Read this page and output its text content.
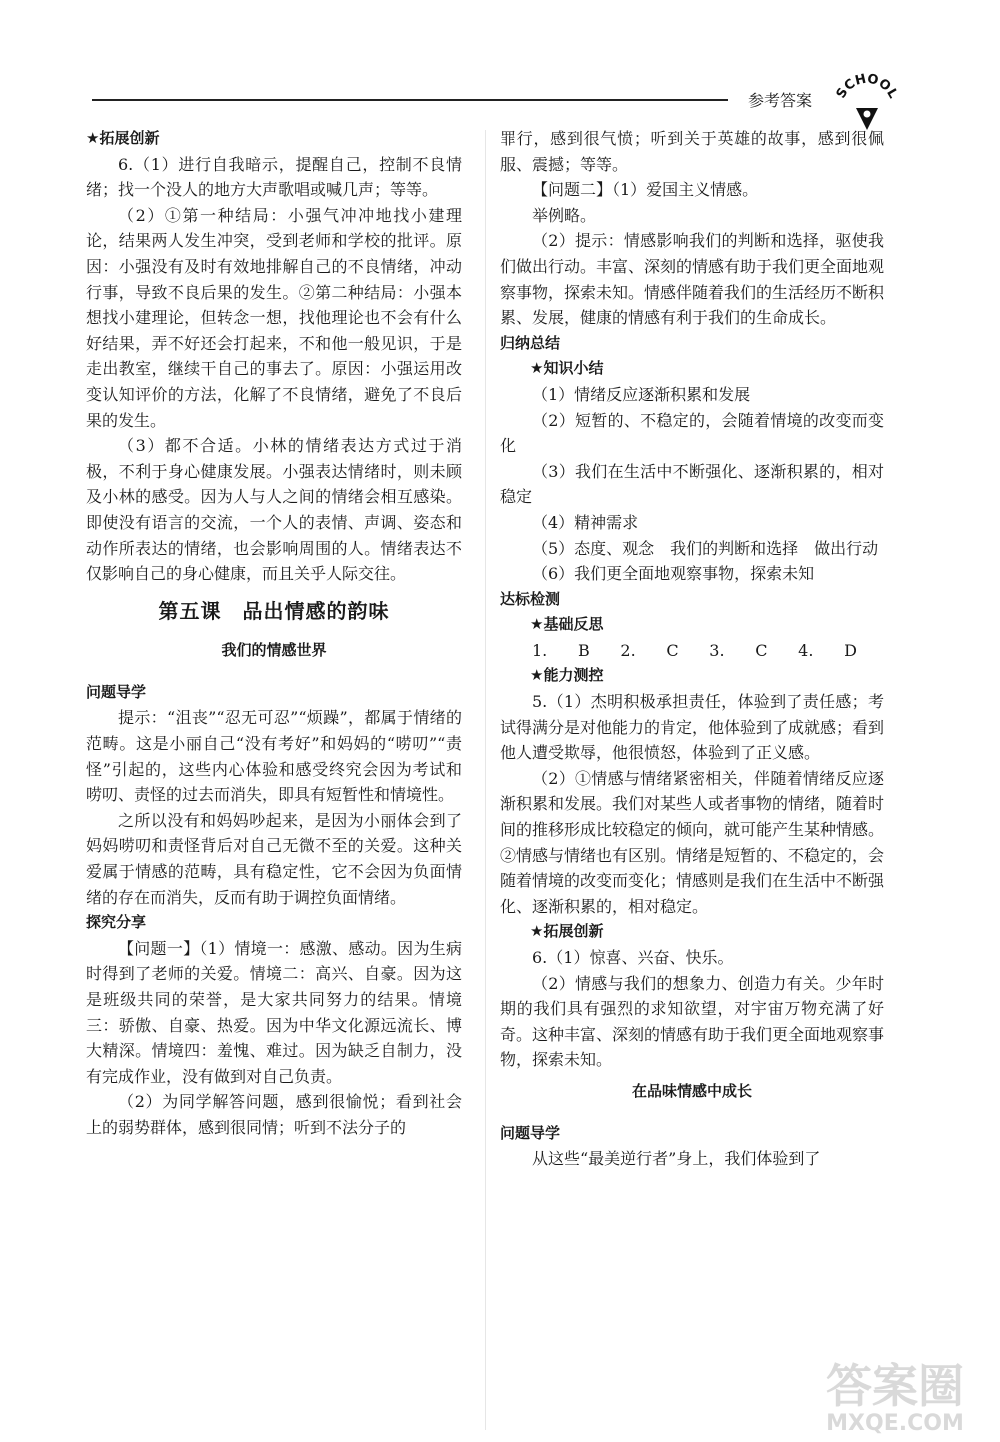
参考答案 SCHOOL
★拓展创新

6.（1）进行自我暗示，提醒自己，控制不良情绪；找一个没人的地方大声歌唱或喊几声；等等。

（2）①第一种结局：小强气冲冲地找小建理论，结果两人发生冲突，受到老师和学校的批评。原因：小强没有及时有效地排解自己的不良情绪，冲动行事，导致不良后果的发生。②第二种结局：小强本想找小建理论，但转念一想，找他理论也不会有什么好结果，弄不好还会打起来，不和他一般见识，于是走出教室，继续干自己的事去了。原因：小强运用改变认知评价的方法，化解了不良情绪，避免了不良后果的发生。

（3）都不合适。小林的情绪表达方式过于消极，不利于身心健康发展。小强表达情绪时，则未顾及小林的感受。因为人与人之间的情绪会相互感染。即使没有语言的交流，一个人的表情、声调、姿态和动作所表达的情绪，也会影响周围的人。情绪表达不仅影响自己的身心健康，而且关乎人际交往。

第五课　品出情感的韵味
我们的情感世界
问题导学

提示：“沮丧”“忍无可忍”“烦躁”，都属于情绪的范畴。这是小丽自己“没有考好”和妈妈的“唠叨”“责怪”引起的，这些内心体验和感受终究会因为考试和唠叨、责怪的过去而消失，即具有短暂性和情境性。

之所以没有和妈妈吵起来，是因为小丽体会到了妈妈唠叨和责怪背后对自己无微不至的关爱。这种关爱属于情感的范畴，具有稳定性，它不会因为负面情绪的存在而消失，反而有助于调控负面情绪。

探究分享

【问题一】（1）情境一：感激、感动。因为生病时得到了老师的关爱。情境二：高兴、自豪。因为这是班级共同的荣誉，是大家共同努力的结果。情境三：骄傲、自豪、热爱。因为中华文化源远流长、博大精深。情境四：羞愧、难过。因为缺乏自制力，没有完成作业，没有做到对自己负责。

（2）为同学解答问题，感到很愉悦；看到社会上的弱势群体，感到很同情；听到不法分子的

罪行，感到很气愤；听到关于英雄的故事，感到很佩服、震撼；等等。

【问题二】（1）爱国主义情感。

举例略。

（2）提示：情感影响我们的判断和选择，驱使我们做出行动。丰富、深刻的情感有助于我们更全面地观察事物，探索未知。情感伴随着我们的生活经历不断积累、发展，健康的情感有利于我们的生命成长。

归纳总结
★知识小结

（1）情绪反应逐渐积累和发展

（2）短暂的、不稳定的，会随着情境的改变而变化

（3）我们在生活中不断强化、逐渐积累的，相对稳定

（4）精神需求

（5）态度、观念　我们的判断和选择　做出行动

（6）我们更全面地观察事物，探索未知

达标检测
★基础反思

1. B 2. C 3. C 4. D

★能力测控

5.（1）杰明积极承担责任，体验到了责任感；考试得满分是对他能力的肯定，他体验到了成就感；看到他人遭受欺辱，他很愤怒，体验到了正义感。

（2）①情感与情绪紧密相关，伴随着情绪反应逐渐积累和发展。我们对某些人或者事物的情绪，随着时间的推移形成比较稳定的倾向，就可能产生某种情感。②情感与情绪也有区别。情绪是短暂的、不稳定的，会随着情境的改变而变化；情感则是我们在生活中不断强化、逐渐积累的，相对稳定。

★拓展创新

6.（1）惊喜、兴奋、快乐。

（2）情感与我们的想象力、创造力有关。少年时期的我们具有强烈的求知欲望，对宇宙万物充满了好奇。这种丰富、深刻的情感有助于我们更全面地观察事物，探索未知。

在品味情感中成长
问题导学

从这些“最美逆行者”身上，我们体验到了

答案圈
MXQE.COM
